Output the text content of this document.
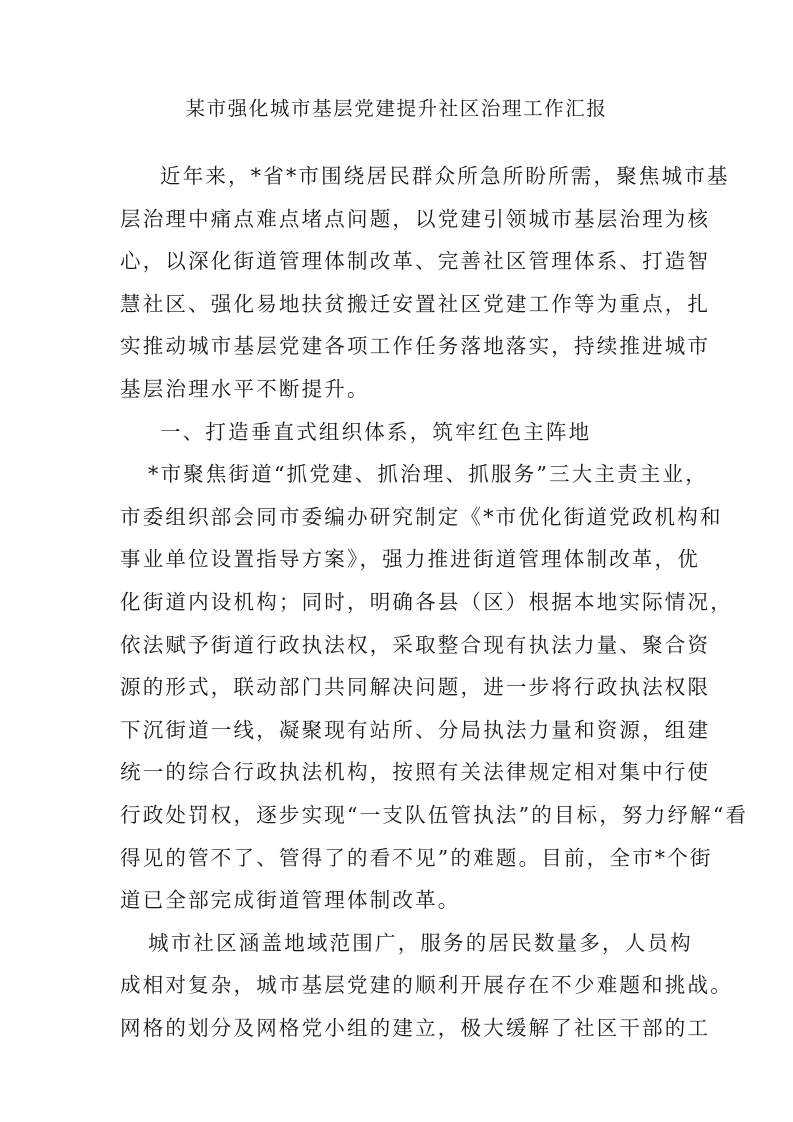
某市强化城市基层党建提升社区治理工作汇报
近年来，*省*市围绕居民群众所急所盼所需，聚焦城市基
层治理中痛点难点堵点问题，以党建引领城市基层治理为核
心，以深化街道管理体制改革、完善社区管理体系、打造智
慧社区、强化易地扶贫搬迁安置社区党建工作等为重点，扎
实推动城市基层党建各项工作任务落地落实，持续推进城市
基层治理水平不断提升。
一、打造垂直式组织体系，筑牢红色主阵地
*市聚焦街道“抓党建、抓治理、抓服务”三大主责主业，
市委组织部会同市委编办研究制定《*市优化街道党政机构和
事业单位设置指导方案》，强力推进街道管理体制改革，优
化街道内设机构；同时，明确各县（区）根据本地实际情况，
依法赋予街道行政执法权，采取整合现有执法力量、聚合资
源的形式，联动部门共同解决问题，进一步将行政执法权限
下沉街道一线，凝聚现有站所、分局执法力量和资源，组建
统一的综合行政执法机构，按照有关法律规定相对集中行使
行政处罚权，逐步实现“一支队伍管执法”的目标，努力纾解“看
得见的管不了、管得了的看不见”的难题。目前，全市*个街
道已全部完成街道管理体制改革。
城市社区涵盖地域范围广，服务的居民数量多，人员构
成相对复杂，城市基层党建的顺利开展存在不少难题和挑战。
网格的划分及网格党小组的建立，极大缓解了社区干部的工
